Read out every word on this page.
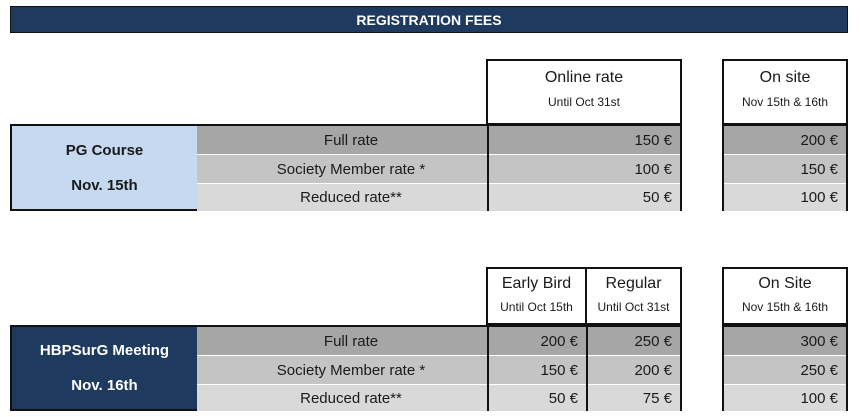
REGISTRATION FEES
Online rate
Until Oct 31st
On site
Nov 15th & 16th
PG Course
Nov. 15th
Full rate
Society Member rate *
Reduced rate**
150 €
100 €
50 €
200 €
150 €
100 €
Early Bird
Until Oct 15th
Regular
Until Oct 31st
On Site
Nov 15th & 16th
HBPSurG Meeting
Nov. 16th
Full rate
Society Member rate *
Reduced rate**
200 €
150 €
50 €
250 €
200 €
75 €
300 €
250 €
100 €
